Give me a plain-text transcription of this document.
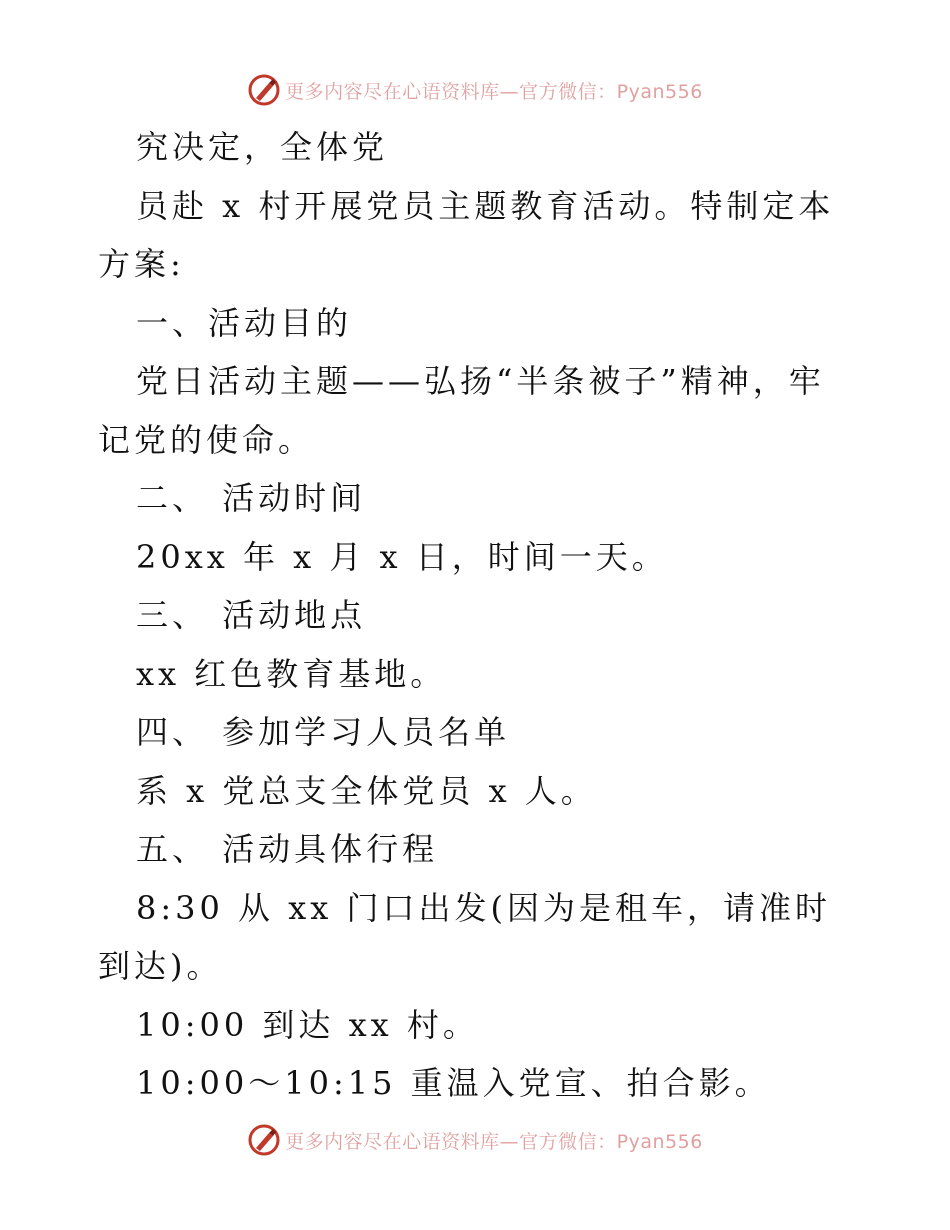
更多内容尽在心语资料库—官方微信：Pyan556

究决定，全体党

员赴 x 村开展党员主题教育活动。特制定本方案:

一、活动目的

党日活动主题——弘扬“半条被子”精神，牢记党的使命。

二、 活动时间

20xx 年 x 月 x 日，时间一天。

三、 活动地点

xx 红色教育基地。

四、 参加学习人员名单

系 x 党总支全体党员 x 人。

五、 活动具体行程

8:30 从 xx 门口出发(因为是租车，请准时到达)。

10:00 到达 xx 村。

10:00～10:15 重温入党宣、拍合影。

更多内容尽在心语资料库—官方微信：Pyan556
